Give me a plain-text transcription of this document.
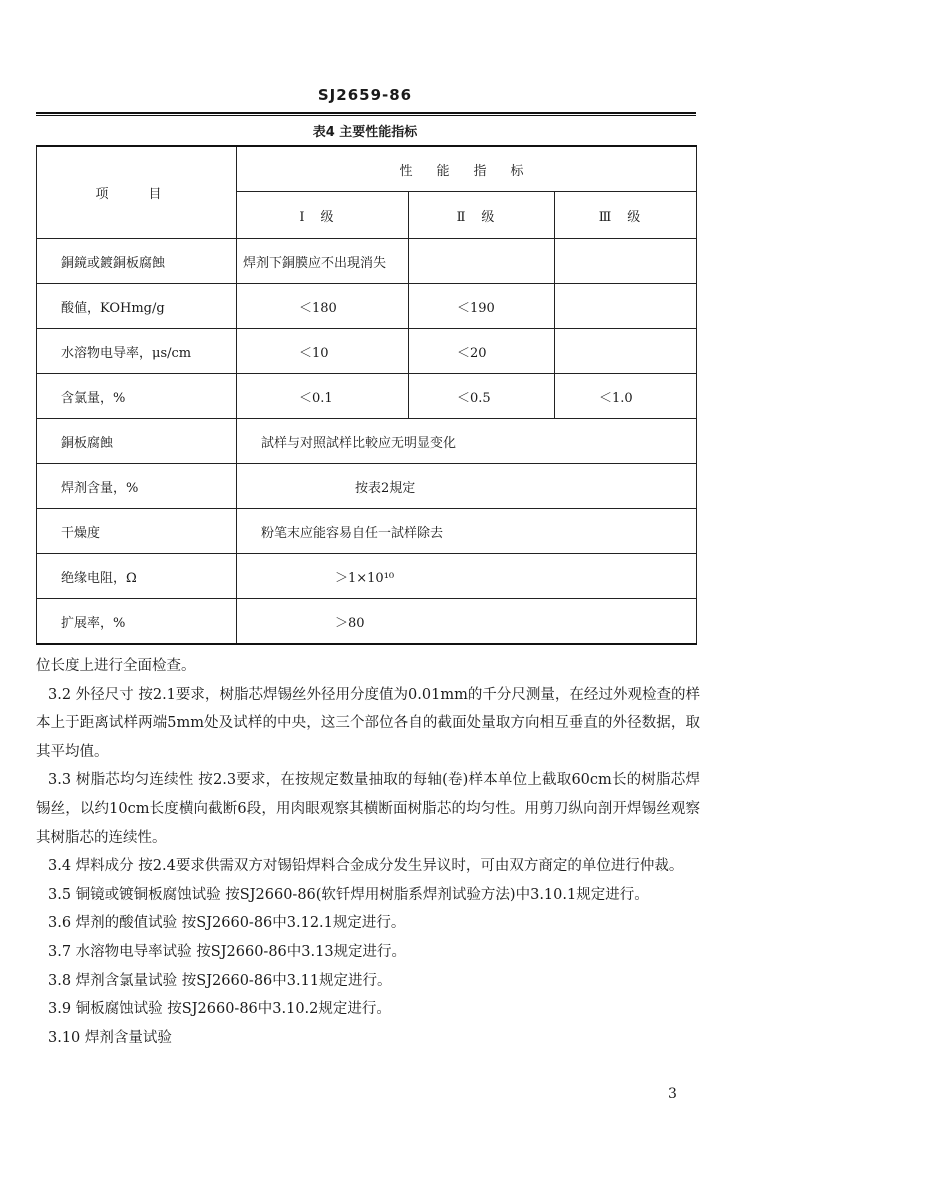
SJ2659-86
表4 主要性能指标
项目	性能指标		
	Ⅰ级	Ⅱ级	Ⅲ级
銅鏡或鍍銅板腐蝕	焊剂下銅膜应不出現消失		
酸値，KOHmg/g	＜180	＜190	
水溶物电导率，μs/cm	＜10	＜20	
含氯量，%	＜0.1	＜0.5	＜1.0
銅板腐蝕	試样与对照試样比較应无明显变化		
焊剂含量，%	按表2規定		
干燥度	粉笔末应能容易自任一試样除去		
绝缘电阻，Ω	＞1×10¹⁰		
扩展率，%	＞80		

位长度上进行全面检查。

3.2 外径尺寸 按2.1要求，树脂芯焊锡丝外径用分度值为0.01mm的千分尺测量，在经过外观检查的样本上于距离试样两端5mm处及试样的中央，这三个部位各自的截面处量取方向相互垂直的外径数据，取其平均值。

3.3 树脂芯均匀连续性 按2.3要求，在按规定数量抽取的每轴(卷)样本单位上截取60cm长的树脂芯焊锡丝，以约10cm长度横向截断6段，用肉眼观察其横断面树脂芯的均匀性。用剪刀纵向剖开焊锡丝观察其树脂芯的连续性。

3.4 焊料成分 按2.4要求供需双方对锡铅焊料合金成分发生异议时，可由双方商定的单位进行仲裁。

3.5 铜镜或镀铜板腐蚀试验 按SJ2660-86(软钎焊用树脂系焊剂试验方法)中3.10.1规定进行。

3.6 焊剂的酸值试验 按SJ2660-86中3.12.1规定进行。

3.7 水溶物电导率试验 按SJ2660-86中3.13规定进行。

3.8 焊剂含氯量试验 按SJ2660-86中3.11规定进行。

3.9 铜板腐蚀试验 按SJ2660-86中3.10.2规定进行。

3.10 焊剂含量试验

3
